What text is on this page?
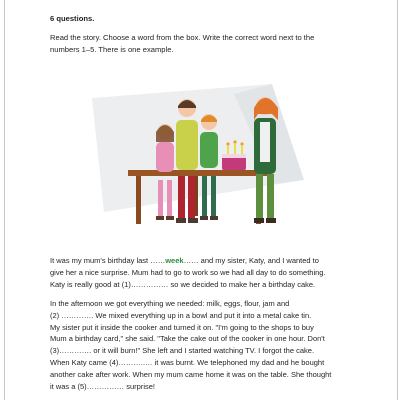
6 questions.
Read the story. Choose a word from the box. Write the correct word next to the
numbers 1–5. There is one example.
It was my mum's birthday last ……week…… and my sister, Katy, and I wanted to
give her a nice surprise. Mum had to go to work so we had all day to do something.
Katy is really good at (1)…………… so we decided to make her a birthday cake.
In the afternoon we got everything we needed: milk, eggs, flour, jam and
(2) …………. We mixed everything up in a bowl and put it into a metal cake tin.
My sister put it inside the cooker and turned it on. "I'm going to the shops to buy
Mum a birthday card," she said. "Take the cake out of the cooker in one hour. Don't
(3)…………. or it will burn!" She left and I started watching TV. I forgot the cake.
When Katy came (4)………..… it was burnt. We telephoned my dad and he bought
another cake after work. When my mum came home it was on the table. She thought
it was a (5)…………… surprise!
